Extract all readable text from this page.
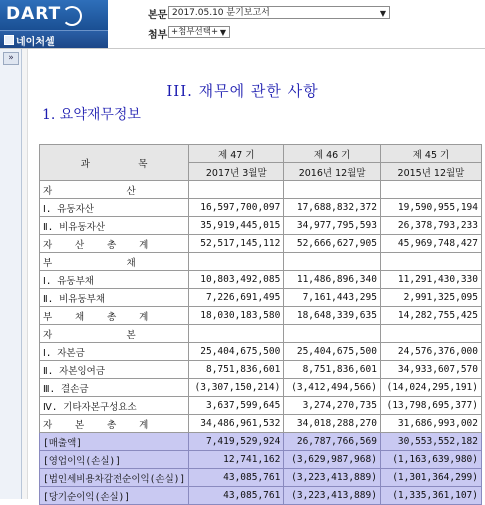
DART
네이처셀
본문 2017.05.10 분기보고서	▼
첨부 +첨부선택+ ▼
»
III. 재무에 관한 사항
1. 요약재무정보
과                목	제 47 기	제 46 기	제 45 기
	2017년 3월말	2016년 12월말	2015년 12월말
자             산			
Ⅰ. 유동자산	16,597,700,097	17,688,832,372	19,590,955,194
Ⅱ. 비유동자산	35,919,445,015	34,977,795,593	26,378,793,233
자    산    총    계	52,517,145,112	52,666,627,905	45,969,748,427
부             채			
Ⅰ. 유동부채	10,803,492,085	11,486,896,340	11,291,430,330
Ⅱ. 비유동부채	7,226,691,495	7,161,443,295	2,991,325,095
부    채    총    계	18,030,183,580	18,648,339,635	14,282,755,425
자             본			
Ⅰ. 자본금	25,404,675,500	25,404,675,500	24,576,376,000
Ⅱ. 자본잉여금	8,751,836,601	8,751,836,601	34,933,607,570
Ⅲ. 결손금	(3,307,150,214)	(3,412,494,566)	(14,024,295,191)
Ⅳ. 기타자본구성요소	3,637,599,645	3,274,270,735	(13,798,695,377)
자    본    총    계	34,486,961,532	34,018,288,270	31,686,993,002
[매출액]	7,419,529,924	26,787,766,569	30,553,552,182
[영업이익(손실)]	12,741,162	(3,629,987,968)	(1,163,639,980)
[법인세비용차감전순이익(손실)]	43,085,761	(3,223,413,889)	(1,301,364,299)
[당기순이익(손실)]	43,085,761	(3,223,413,889)	(1,335,361,107)
